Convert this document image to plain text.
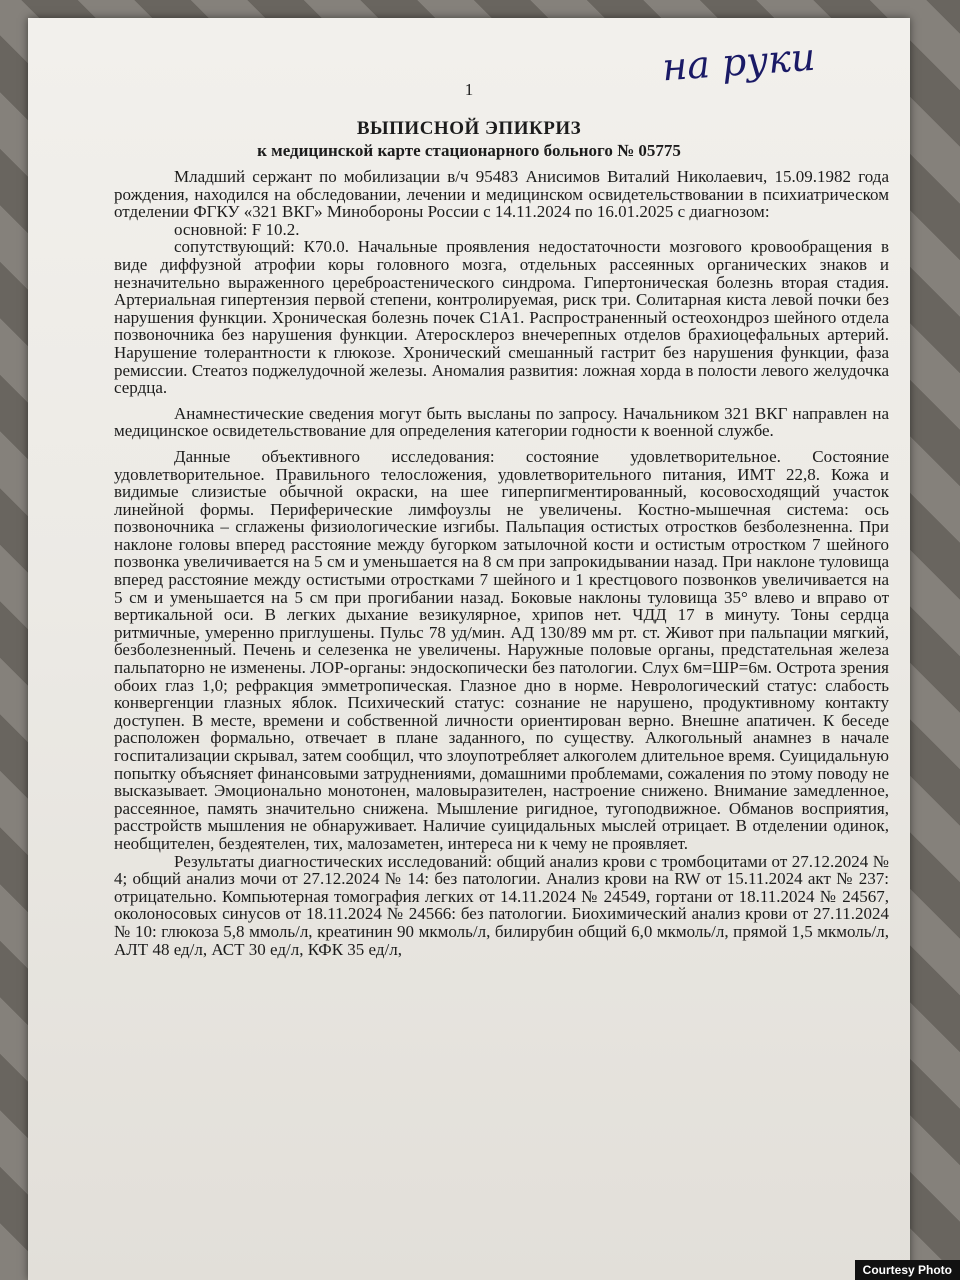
на руки
1
ВЫПИСНОЙ ЭПИКРИЗ
к медицинской карте стационарного больного № 05775

Младший сержант по мобилизации в/ч 95483 Анисимов Виталий Николаевич, 15.09.1982 года рождения, находился на обследовании, лечении и медицинском освидетельствовании в психиатрическом отделении ФГКУ «321 ВКГ» Минобороны России с 14.11.2024 по 16.01.2025 с диагнозом:

основной: F 10.2.

сопутствующий: К70.0. Начальные проявления недостаточности мозгового кровообращения в виде диффузной атрофии коры головного мозга, отдельных рассеянных органических знаков и незначительно выраженного цереброастенического синдрома. Гипертоническая болезнь вторая стадия. Артериальная гипертензия первой степени, контролируемая, риск три. Солитарная киста левой почки без нарушения функции. Хроническая болезнь почек С1А1. Распространенный остеохондроз шейного отдела позвоночника без нарушения функции. Атеросклероз внечерепных отделов брахиоцефальных артерий. Нарушение толерантности к глюкозе. Хронический смешанный гастрит без нарушения функции, фаза ремиссии. Стеатоз поджелудочной железы. Аномалия развития: ложная хорда в полости левого желудочка сердца.

Анамнестические сведения могут быть высланы по запросу. Начальником 321 ВКГ направлен на медицинское освидетельствование для определения категории годности к военной службе.

Данные объективного исследования: состояние удовлетворительное. Состояние удовлетворительное. Правильного телосложения, удовлетворительного питания, ИМТ 22,8. Кожа и видимые слизистые обычной окраски, на шее гиперпигментированный, косовосходящий участок линейной формы. Периферические лимфоузлы не увеличены. Костно-мышечная система: ось позвоночника – сглажены физиологические изгибы. Пальпация остистых отростков безболезненна. При наклоне головы вперед расстояние между бугорком затылочной кости и остистым отростком 7 шейного позвонка увеличивается на 5 см и уменьшается на 8 см при запрокидывании назад. При наклоне туловища вперед расстояние между остистыми отростками 7 шейного и 1 крестцового позвонков увеличивается на 5 см и уменьшается на 5 см при прогибании назад. Боковые наклоны туловища 35° влево и вправо от вертикальной оси. В легких дыхание везикулярное, хрипов нет. ЧДД 17 в минуту. Тоны сердца ритмичные, умеренно приглушены. Пульс 78 уд/мин. АД 130/89 мм рт. ст. Живот при пальпации мягкий, безболезненный. Печень и селезенка не увеличены. Наружные половые органы, предстательная железа пальпаторно не изменены. ЛОР-органы: эндоскопически без патологии. Слух 6м=ШР=6м. Острота зрения обоих глаз 1,0; рефракция эмметропическая. Глазное дно в норме. Неврологический статус: слабость конвергенции глазных яблок. Психический статус: сознание не нарушено, продуктивному контакту доступен. В месте, времени и собственной личности ориентирован верно. Внешне апатичен. К беседе расположен формально, отвечает в плане заданного, по существу. Алкогольный анамнез в начале госпитализации скрывал, затем сообщил, что злоупотребляет алкоголем длительное время. Суицидальную попытку объясняет финансовыми затруднениями, домашними проблемами, сожаления по этому поводу не высказывает. Эмоционально монотонен, маловыразителен, настроение снижено. Внимание замедленное, рассеянное, память значительно снижена. Мышление ригидное, тугоподвижное. Обманов восприятия, расстройств мышления не обнаруживает. Наличие суицидальных мыслей отрицает. В отделении одинок, необщителен, бездеятелен, тих, малозаметен, интереса ни к чему не проявляет.

Результаты диагностических исследований: общий анализ крови с тромбоцитами от 27.12.2024 № 4; общий анализ мочи от 27.12.2024 № 14: без патологии. Анализ крови на RW от 15.11.2024 акт № 237: отрицательно. Компьютерная томография легких от 14.11.2024 № 24549, гортани от 18.11.2024 № 24567, околоносовых синусов от 18.11.2024 № 24566: без патологии. Биохимический анализ крови от 27.11.2024 № 10: глюкоза 5,8 ммоль/л, креатинин 90 мкмоль/л, билирубин общий 6,0 мкмоль/л, прямой 1,5 мкмоль/л, АЛТ 48 ед/л, АСТ 30 ед/л, КФК 35 ед/л,

Courtesy Photo
